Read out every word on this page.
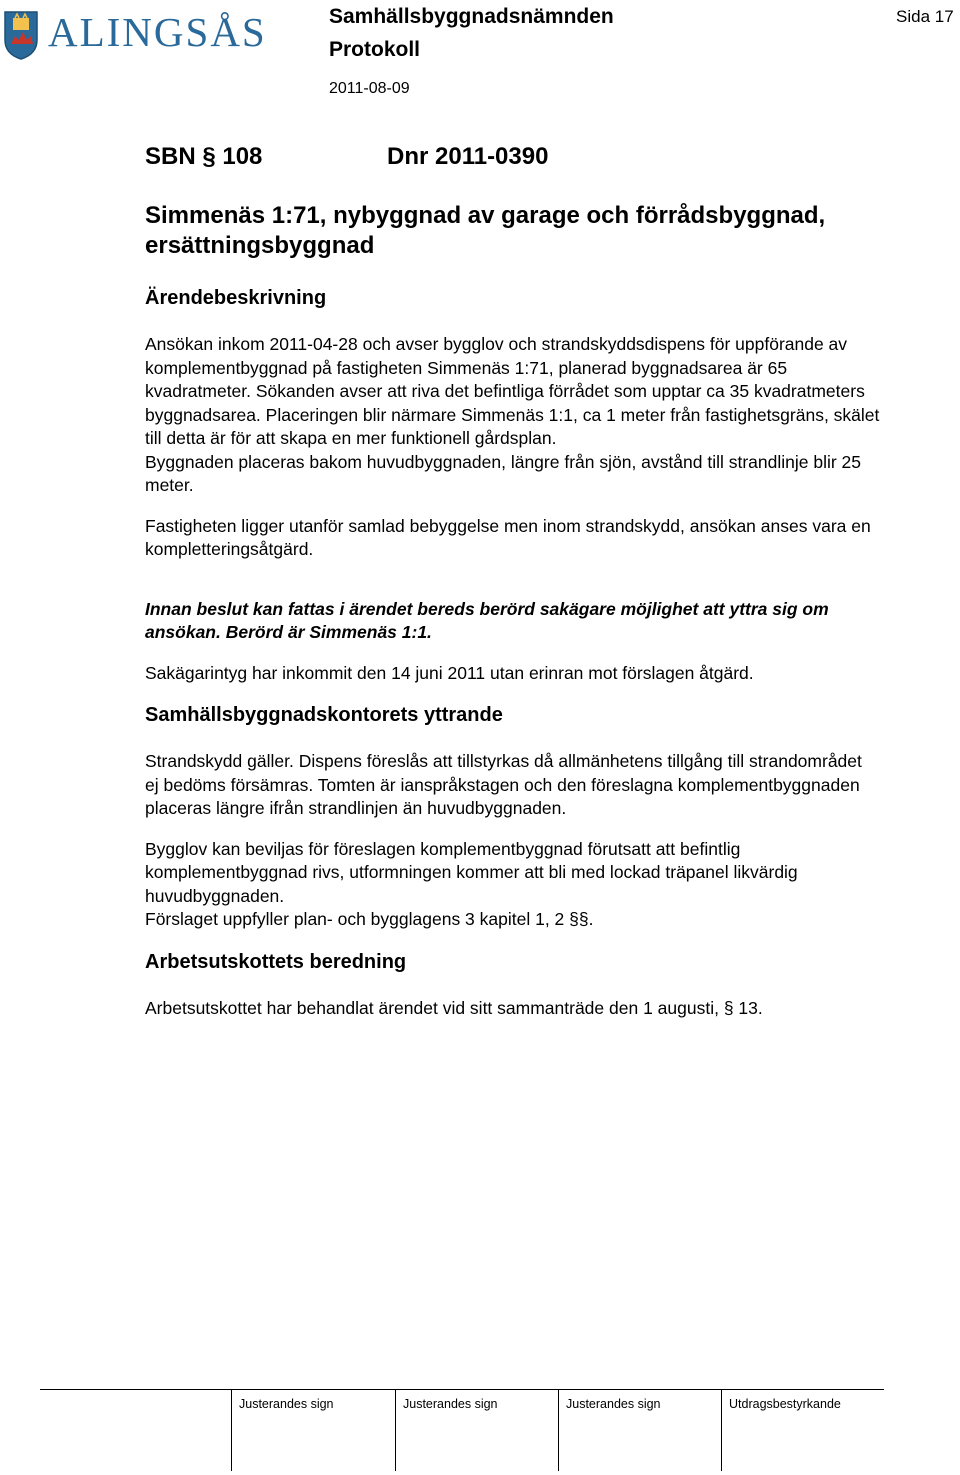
ALINGSÅS	Samhällsbyggnadsnämnden
Protokoll
2011-08-09
Sida 17
SBN § 108	Dnr 2011-0390
Simmenäs 1:71, nybyggnad av garage och förrådsbyggnad, ersättningsbyggnad
Ärendebeskrivning

Ansökan inkom 2011-04-28 och avser bygglov och strandskyddsdispens för uppförande av komplementbyggnad på fastigheten Simmenäs 1:71, planerad byggnadsarea är 65 kvadratmeter. Sökanden avser att riva det befintliga förrådet som upptar ca 35 kvadratmeters byggnadsarea. Placeringen blir närmare Simmenäs 1:1, ca 1 meter från fastighetsgräns, skälet till detta är för att skapa en mer funktionell gårdsplan.

Byggnaden placeras bakom huvudbyggnaden, längre från sjön, avstånd till strandlinje blir 25 meter.

Fastigheten ligger utanför samlad bebyggelse men inom strandskydd, ansökan anses vara en kompletteringsåtgärd.

Innan beslut kan fattas i ärendet bereds berörd sakägare möjlighet att yttra sig om ansökan. Berörd är Simmenäs 1:1.

Sakägarintyg har inkommit den 14 juni 2011 utan erinran mot förslagen åtgärd.

Samhällsbyggnadskontorets yttrande

Strandskydd gäller. Dispens föreslås att tillstyrkas då allmänhetens tillgång till strandområdet ej bedöms försämras. Tomten är ianspråkstagen och den föreslagna komplementbyggnaden placeras längre ifrån strandlinjen än huvudbyggnaden.

Bygglov kan beviljas för föreslagen komplementbyggnad förutsatt att befintlig komplementbyggnad rivs, utformningen kommer att bli med lockad träpanel likvärdig huvudbyggnaden.

Förslaget uppfyller plan- och bygglagens 3 kapitel 1, 2 §§.

Arbetsutskottets beredning

Arbetsutskottet har behandlat ärendet vid sitt sammanträde den 1 augusti, § 13.

Justerandes sign	Justerandes sign	Justerandes sign	Utdragsbestyrkande
